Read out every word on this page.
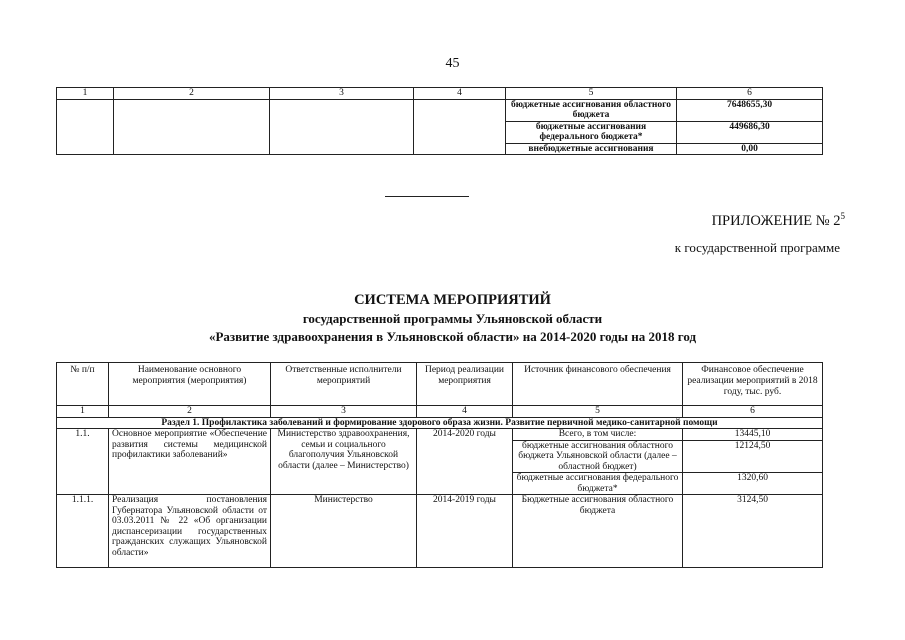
45
1	2	3	4	5	6
				бюджетные ассигнования областного бюджета	7648655,30
				бюджетные ассигнования федерального бюджета*	449686,30
				внебюджетные ассигнования	0,00
ПРИЛОЖЕНИЕ № $2^5$
к государственной программе
СИСТЕМА МЕРОПРИЯТИЙ
государственной программы Ульяновской области
«Развитие здравоохранения в Ульяновской области» на 2014-2020 годы на 2018 год
№ п/п	Наименование основного мероприятия (мероприятия)	Ответственные исполнители мероприятий	Период реализации мероприятия	Источник финансового обеспечения	Финансовое обеспечение реализации мероприятий в 2018 году, тыс. руб.
1	2	3	4	5	6
Раздел 1. Профилактика заболеваний и формирование здорового образа жизни. Развитие первичной медико-санитарной помощи					
1.1.	Основное мероприятие «Обеспечение развития системы медицинской профилактики заболеваний»	Министерство здравоохранения, семьи и социального благополучия Ульяновской области (далее – Министерство)	2014-2020 годы	Всего, в том числе:	13445,10
				бюджетные ассигнования областного бюджета Ульяновской области (далее – областной бюджет)	12124,50
				бюджетные ассигнования федерального бюджета*	1320,60
1.1.1.	Реализация постановления Губернатора Ульяновской области от 03.03.2011 № 22 «Об организации диспансеризации государственных гражданских служащих Ульяновской области»	Министерство	2014-2019 годы	Бюджетные ассигнования областного бюджета	3124,50
